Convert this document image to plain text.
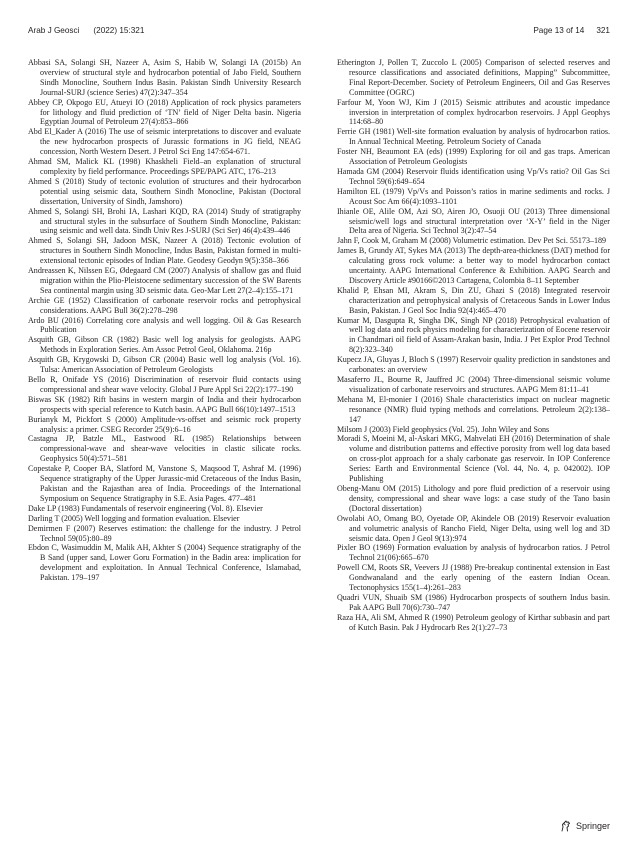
Arab J Geosci (2022) 15:321	Page 13 of 14 321

Abbasi SA, Solangi SH, Nazeer A, Asim S, Habib W, Solangi IA (2015b) An overview of structural style and hydrocarbon potential of Jabo Field, Southern Sindh Monocline, Southern Indus Basin. Pakistan Sindh University Research Journal-SURJ (science Series) 47(2):347–354

Abbey CP, Okpogo EU, Atueyi IO (2018) Application of rock physics parameters for lithology and fluid prediction of ‘TN’ field of Niger Delta basin. Nigeria Egyptian Journal of Petroleum 27(4):853–866

Abd El_Kader A (2016) The use of seismic interpretations to discover and evaluate the new hydrocarbon prospects of Jurassic formations in JG field, NEAG concession, North Western Desert. J Petrol Sci Eng 147:654-671.

Ahmad SM, Malick KL (1998) Khaskheli Field–an explanation of structural complexity by field performance. Proceedings SPE/PAPG ATC, 176–213

Ahmed S (2018) Study of tectonic evolution of structures and their hydrocarbon potential using seismic data, Southern Sindh Monocline, Pakistan (Doctoral dissertation, University of Sindh, Jamshoro)

Ahmed S, Solangi SH, Brohi IA, Lashari KQD, RA (2014) Study of stratigraphy and structural styles in the subsurface of Southern Sindh Monocline, Pakistan: using seismic and well data. Sindh Univ Res J-SURJ (Sci Ser) 46(4):439–446

Ahmed S, Solangi SH, Jadoon MSK, Nazeer A (2018) Tectonic evolution of structures in Southern Sindh Monocline, Indus Basin, Pakistan formed in multi-extensional tectonic episodes of Indian Plate. Geodesy Geodyn 9(5):358–366

Andreassen K, Nilssen EG, Ødegaard CM (2007) Analysis of shallow gas and fluid migration within the Plio-Pleistocene sedimentary succession of the SW Barents Sea continental margin using 3D seismic data. Geo-Mar Lett 27(2–4):155–171

Archie GE (1952) Classification of carbonate reservoir rocks and petrophysical considerations. AAPG Bull 36(2):278–298

Ardo BU (2016) Correlating core analysis and well logging. Oil & Gas Research Publication

Asquith GB, Gibson CR (1982) Basic well log analysis for geologists. AAPG Methods in Exploration Series. Am Assoc Petrol Geol, Oklahoma. 216p

Asquith GB, Krygowski D, Gibson CR (2004) Basic well log analysis (Vol. 16). Tulsa: American Association of Petroleum Geologists

Bello R, Onifade YS (2016) Discrimination of reservoir fluid contacts using compressional and shear wave velocity. Global J Pure Appl Sci 22(2):177–190

Biswas SK (1982) Rift basins in western margin of India and their hydrocarbon prospects with special reference to Kutch basin. AAPG Bull 66(10):1497–1513

Burianyk M, Pickfort S (2000) Amplitude-vs-offset and seismic rock property analysis: a primer. CSEG Recorder 25(9):6–16

Castagna JP, Batzle ML, Eastwood RL (1985) Relationships between compressional-wave and shear-wave velocities in clastic silicate rocks. Geophysics 50(4):571–581

Copestake P, Cooper BA, Slatford M, Vanstone S, Maqsood T, Ashraf M. (1996) Sequence stratigraphy of the Upper Jurassic-mid Cretaceous of the Indus Basin, Pakistan and the Rajasthan area of India. Proceedings of the International Symposium on Sequence Stratigraphy in S.E. Asia Pages. 477–481

Dake LP (1983) Fundamentals of reservoir engineering (Vol. 8). Elsevier

Darling T (2005) Well logging and formation evaluation. Elsevier

Demirmen F (2007) Reserves estimation: the challenge for the industry. J Petrol Technol 59(05):80–89

Ebdon C, Wasimuddin M, Malik AH, Akhter S (2004) Sequence stratigraphy of the B Sand (upper sand, Lower Goru Formation) in the Badin area: implication for development and exploitation. In Annual Technical Conference, Islamabad, Pakistan. 179–197

Etherington J, Pollen T, Zuccolo L (2005) Comparison of selected reserves and resource classifications and associated definitions, Mapping” Subcommittee, Final Report-December. Society of Petroleum Engineers, Oil and Gas Reserves Committee (OGRC)

Farfour M, Yoon WJ, Kim J (2015) Seismic attributes and acoustic impedance inversion in interpretation of complex hydrocarbon reservoirs. J Appl Geophys 114:68–80

Ferrie GH (1981) Well-site formation evaluation by analysis of hydrocarbon ratios. In Annual Technical Meeting. Petroleum Society of Canada

Foster NH, Beaumont EA (eds) (1999) Exploring for oil and gas traps. American Association of Petroleum Geologists

Hamada GM (2004) Reservoir fluids identification using Vp/Vs ratio? Oil Gas Sci Technol 59(6):649–654

Hamilton EL (1979) Vp/Vs and Poisson’s ratios in marine sediments and rocks. J Acoust Soc Am 66(4):1093–1101

Ihianle OE, Alile OM, Azi SO, Airen JO, Osuoji OU (2013) Three dimensional seismic/well logs and structural interpretation over ‘X-Y’ field in the Niger Delta area of Nigeria. Sci Technol 3(2):47–54

Jahn F, Cook M, Graham M (2008) Volumetric estimation. Dev Pet Sci. 55173–189

James B, Grundy AT, Sykes MA (2013) The depth-area-thickness (DAT) method for calculating gross rock volume: a better way to model hydrocarbon contact uncertainty. AAPG International Conference & Exhibition. AAPG Search and Discovery Article #90166©2013 Cartagena, Colombia 8–11 September

Khalid P, Ehsan MI, Akram S, Din ZU, Ghazi S (2018) Integrated reservoir characterization and petrophysical analysis of Cretaceous Sands in Lower Indus Basin, Pakistan. J Geol Soc India 92(4):465–470

Kumar M, Dasgupta R, Singha DK, Singh NP (2018) Petrophysical evaluation of well log data and rock physics modeling for characterization of Eocene reservoir in Chandmari oil field of Assam-Arakan basin, India. J Pet Explor Prod Technol 8(2):323–340

Kupecz JA, Gluyas J, Bloch S (1997) Reservoir quality prediction in sandstones and carbonates: an overview

Masaferro JL, Bourne R, Jauffred JC (2004) Three-dimensional seismic volume visualization of carbonate reservoirs and structures. AAPG Mem 81:11–41

Mehana M, El-monier I (2016) Shale characteristics impact on nuclear magnetic resonance (NMR) fluid typing methods and correlations. Petroleum 2(2):138–147

Milsom J (2003) Field geophysics (Vol. 25). John Wiley and Sons

Moradi S, Moeini M, al-Askari MKG, Mahvelati EH (2016) Determination of shale volume and distribution patterns and effective porosity from well log data based on cross-plot approach for a shaly carbonate gas reservoir. In IOP Conference Series: Earth and Environmental Science (Vol. 44, No. 4, p. 042002). IOP Publishing

Obeng-Manu OM (2015) Lithology and pore fluid prediction of a reservoir using density, compressional and shear wave logs: a case study of the Tano basin (Doctoral dissertation)

Owolabi AO, Omang BO, Oyetade OP, Akindele OB (2019) Reservoir evaluation and volumetric analysis of Rancho Field, Niger Delta, using well log and 3D seismic data. Open J Geol 9(13):974

Pixler BO (1969) Formation evaluation by analysis of hydrocarbon ratios. J Petrol Technol 21(06):665–670

Powell CM, Roots SR, Veevers JJ (1988) Pre-breakup continental extension in East Gondwanaland and the early opening of the eastern Indian Ocean. Tectonophysics 155(1–4):261–283

Quadri VUN, Shuaib SM (1986) Hydrocarbon prospects of southern Indus basin. Pak AAPG Bull 70(6):730–747

Raza HA, Ali SM, Ahmed R (1990) Petroleum geology of Kirthar subbasin and part of Kutch Basin. Pak J Hydrocarb Res 2(1):27–73

Springer
